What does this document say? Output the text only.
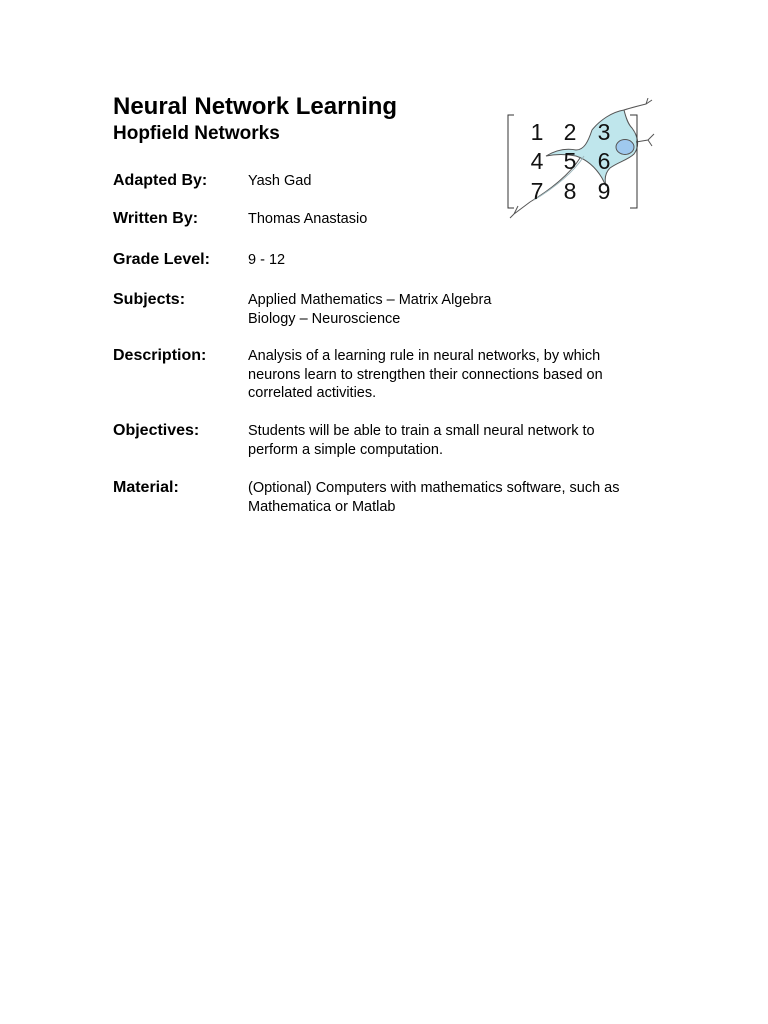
Neural Network Learning
Hopfield Networks
Adapted By:	Yash Gad
Written By:	Thomas Anastasio
Grade Level:	9 - 12
Subjects:	Applied Mathematics – Matrix Algebra
Biology – Neuroscience
Description:	Analysis of a learning rule in neural networks, by which
neurons learn to strengthen their connections based on
correlated activities.
Objectives:	Students will be able to train a small neural network to
perform a simple computation.
Material:	(Optional) Computers with mathematics software, such as
Mathematica or Matlab
1 2 3
4 5 6
7 8 9
